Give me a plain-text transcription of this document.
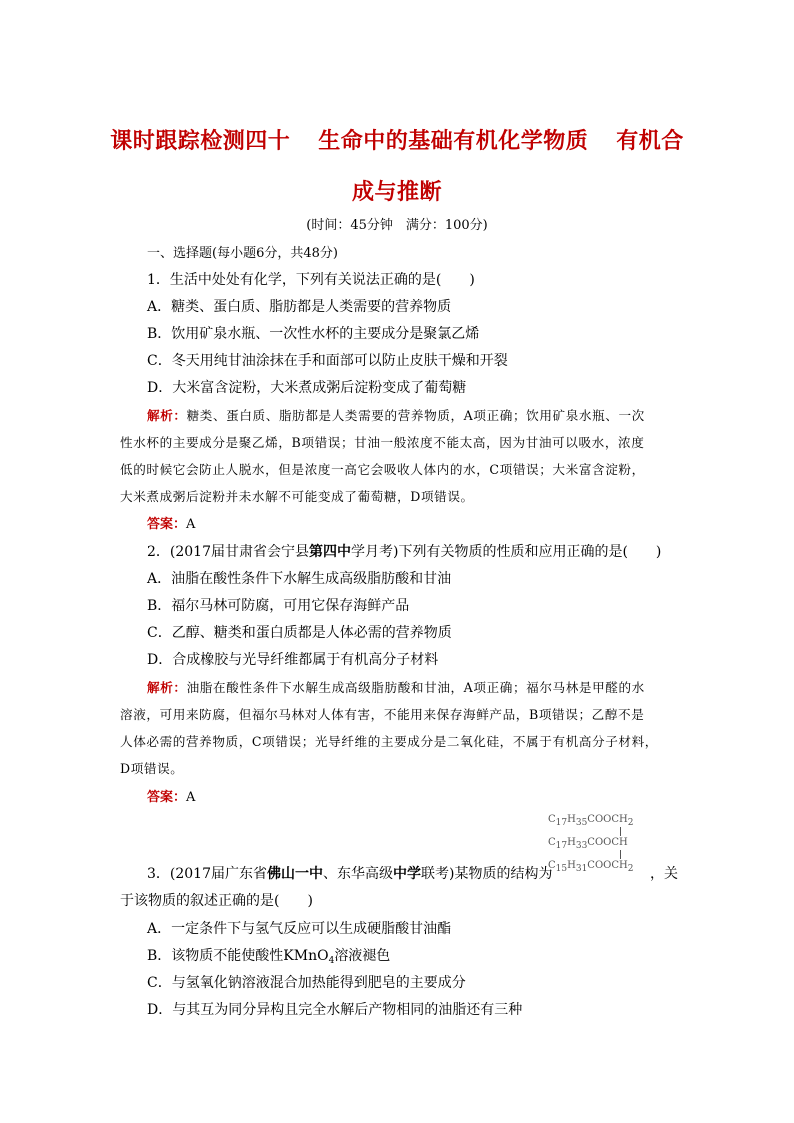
课时跟踪检测四十 生命中的基础有机化学物质 有机合
成与推断
(时间：45分钟　满分：100分)
一、选择题(每小题6分，共48分)
1．生活中处处有化学，下列有关说法正确的是(　　)
A．糖类、蛋白质、脂肪都是人类需要的营养物质
B．饮用矿泉水瓶、一次性水杯的主要成分是聚氯乙烯
C．冬天用纯甘油涂抹在手和面部可以防止皮肤干燥和开裂
D．大米富含淀粉，大米煮成粥后淀粉变成了葡萄糖
解析：糖类、蛋白质、脂肪都是人类需要的营养物质，A项正确；饮用矿泉水瓶、一次
性水杯的主要成分是聚乙烯，B项错误；甘油一般浓度不能太高，因为甘油可以吸水，浓度
低的时候它会防止人脱水，但是浓度一高它会吸收人体内的水，C项错误；大米富含淀粉，
大米煮成粥后淀粉并未水解不可能变成了葡萄糖，D项错误。
答案：A
2．(2017届甘肃省会宁县第四中学月考)下列有关物质的性质和应用正确的是(　　)
A．油脂在酸性条件下水解生成高级脂肪酸和甘油
B．福尔马林可防腐，可用它保存海鲜产品
C．乙醇、糖类和蛋白质都是人体必需的营养物质
D．合成橡胶与光导纤维都属于有机高分子材料
解析：油脂在酸性条件下水解生成高级脂肪酸和甘油，A项正确；福尔马林是甲醛的水
溶液，可用来防腐，但福尔马林对人体有害，不能用来保存海鲜产品，B项错误；乙醇不是
人体必需的营养物质，C项错误；光导纤维的主要成分是二氧化硅，不属于有机高分子材料，
D项错误。
答案：A
C17H35COOCH2
C17H33COOCH
C15H31COOCH2
3．(2017届广东省佛山一中、东华高级中学联考)某物质的结构为	，关
于该物质的叙述正确的是(　　)
A．一定条件下与氢气反应可以生成硬脂酸甘油酯
B．该物质不能使酸性KMnO$_4$溶液褪色
C．与氢氧化钠溶液混合加热能得到肥皂的主要成分
D．与其互为同分异构且完全水解后产物相同的油脂还有三种
